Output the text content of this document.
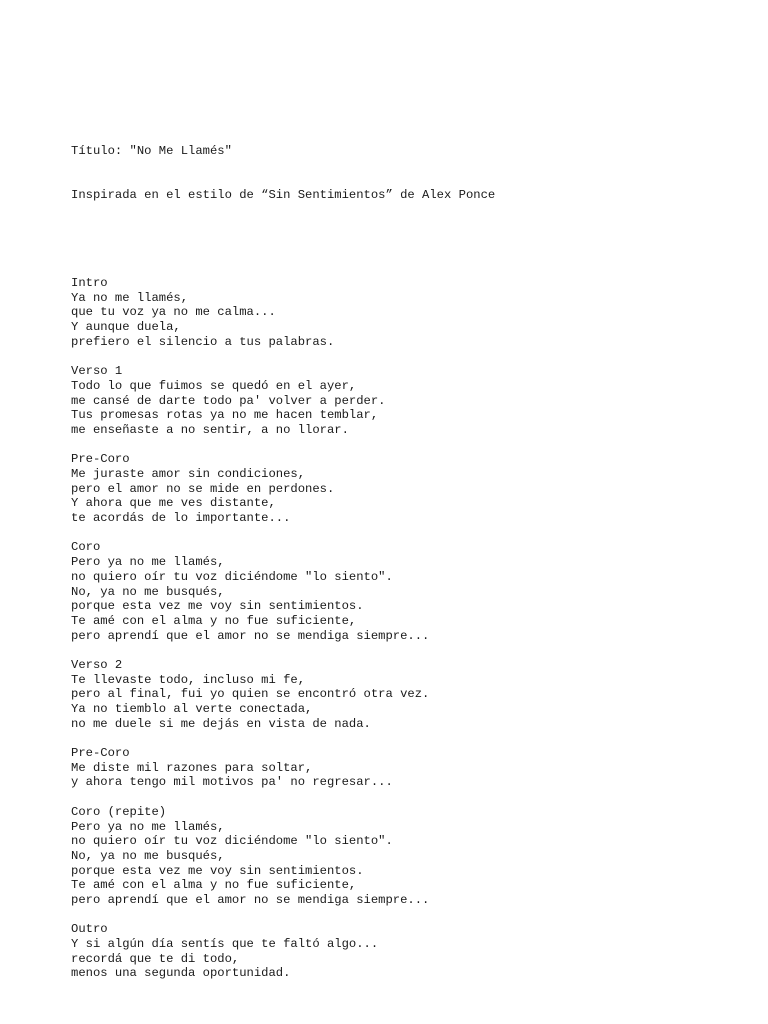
Título: "No Me Llamés"

Inspirada en el estilo de “Sin Sentimientos” de Alex Ponce

Intro
Ya no me llamés,
que tu voz ya no me calma...
Y aunque duela,
prefiero el silencio a tus palabras.
Verso 1
Todo lo que fuimos se quedó en el ayer,
me cansé de darte todo pa' volver a perder.
Tus promesas rotas ya no me hacen temblar,
me enseñaste a no sentir, a no llorar.
Pre-Coro
Me juraste amor sin condiciones,
pero el amor no se mide en perdones.
Y ahora que me ves distante,
te acordás de lo importante...
Coro
Pero ya no me llamés,
no quiero oír tu voz diciéndome "lo siento".
No, ya no me busqués,
porque esta vez me voy sin sentimientos.
Te amé con el alma y no fue suficiente,
pero aprendí que el amor no se mendiga siempre...
Verso 2
Te llevaste todo, incluso mi fe,
pero al final, fui yo quien se encontró otra vez.
Ya no tiemblo al verte conectada,
no me duele si me dejás en vista de nada.
Pre-Coro
Me diste mil razones para soltar,
y ahora tengo mil motivos pa' no regresar...
Coro (repite)
Pero ya no me llamés,
no quiero oír tu voz diciéndome "lo siento".
No, ya no me busqués,
porque esta vez me voy sin sentimientos.
Te amé con el alma y no fue suficiente,
pero aprendí que el amor no se mendiga siempre...
Outro
Y si algún día sentís que te faltó algo...
recordá que te di todo,
menos una segunda oportunidad.
